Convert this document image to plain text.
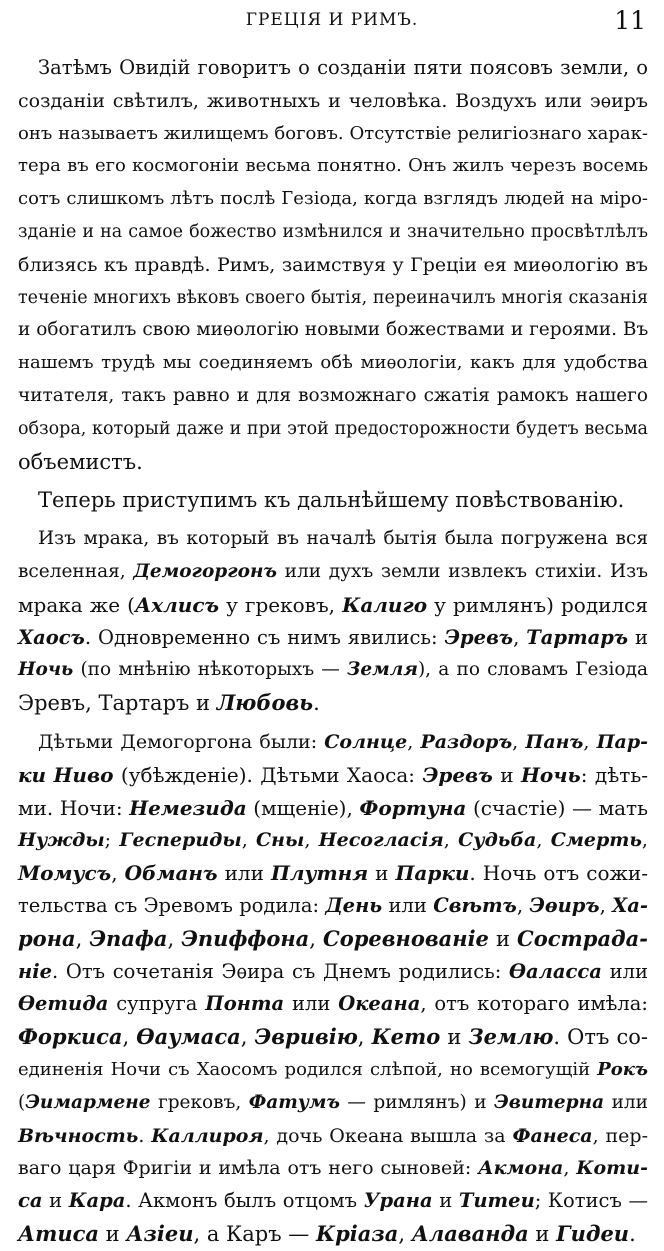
ГРЕЦІЯ И РИМЪ.	11
Затѣмъ Овидій говоритъ о созданіи пяти поясовъ земли, о
созданіи свѣтилъ, животныхъ и человѣка. Воздухъ или эѳиръ
онъ называетъ жилищемъ боговъ. Отсутствіе религіознаго харак-
тера въ его космогоніи весьма понятно. Онъ жилъ черезъ восемь
сотъ слишкомъ лѣтъ послѣ Гезіода, когда взглядъ людей на міро-
зданіе и на самое божество измѣнился и значительно просвѣтлѣлъ
близясь къ правдѣ. Римъ, заимствуя у Греціи ея миѳологію въ
теченіе многихъ вѣковъ своего бытія, переиначилъ многія сказанія
и обогатилъ свою миѳологію новыми божествами и героями. Въ
нашемъ трудѣ мы соединяемъ обѣ миѳологіи, какъ для удобства
читателя, такъ равно и для возможнаго сжатія рамокъ нашего
обзора, который даже и при этой предосторожности будетъ весьма
объемистъ.
Теперь приступимъ къ дальнѣйшему повѣствованію.
Изъ мрака, въ который въ началѣ бытія была погружена вся
вселенная, Демогоргонъ или духъ земли извлекъ стихіи. Изъ
мрака же (Ахлисъ у грековъ, Калиго у римлянъ) родился
Хаосъ. Одновременно съ нимъ явились: Эревъ, Тартаръ и
Ночь (по мнѣнію нѣкоторыхъ — Земля), а по словамъ Гезіода
Эревъ, Тартаръ и Любовь.
Дѣтьми Демогоргона были: Солнце, Раздоръ, Панъ, Пар-
ки Ниво (убѣжденіе). Дѣтьми Хаоса: Эревъ и Ночь: дѣть-
ми. Ночи: Немезида (мщеніе), Фортуна (счастіе) — мать
Нужды; Геспериды, Сны, Несогласія, Судьба, Смерть,
Момусъ, Обманъ или Плутня и Парки. Ночь отъ сожи-
тельства съ Эревомъ родила: День или Свѣтъ, Эѳиръ, Ха-
рона, Эпафа, Эпиффона, Соревнованіе и Сострада-
ніе. Отъ сочетанія Эѳира съ Днемъ родились: Ѳаласса или
Ѳетида супруга Понта или Океана, отъ котораго имѣла:
Форкиса, Ѳаумаса, Эвривію, Кето и Землю. Отъ со-
единенія Ночи съ Хаосомъ родился слѣпой, но всемогущій Рокъ
(Эимармене грековъ, Фатумъ — римлянъ) и Эвитерна или
Вѣчность. Каллироя, дочь Океана вышла за Фанеса, пер-
ваго царя Фригіи и имѣла отъ него сыновей: Акмона, Коти-
са и Кара. Акмонъ былъ отцомъ Урана и Титеи; Котисъ —
Атиса и Азіеи, а Каръ — Кріаза, Алаванда и Гидеи.
